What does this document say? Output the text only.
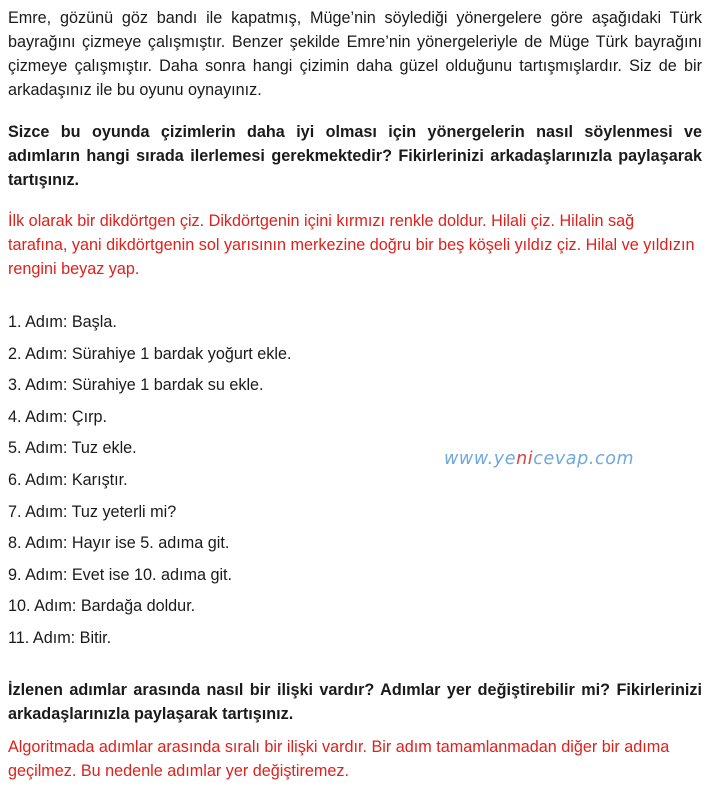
Emre, gözünü göz bandı ile kapatmış, Müge’nin söylediği yönergelere göre aşağıdaki Türk bayrağını çizmeye çalışmıştır. Benzer şekilde Emre’nin yönergeleriyle de Müge Türk bayrağını çizmeye çalışmıştır. Daha sonra hangi çizimin daha güzel olduğunu tartışmışlardır. Siz de bir arkadaşınız ile bu oyunu oynayınız.

Sizce bu oyunda çizimlerin daha iyi olması için yönergelerin nasıl söylenmesi ve adımların hangi sırada ilerlemesi gerekmektedir? Fikirlerinizi arkadaşlarınızla paylaşarak tartışınız.

İlk olarak bir dikdörtgen çiz. Dikdörtgenin içini kırmızı renkle doldur. Hilali çiz. Hilalin sağ tarafına, yani dikdörtgenin sol yarısının merkezine doğru bir beş köşeli yıldız çiz. Hilal ve yıldızın rengini beyaz yap.

1. Adım: Başla.
2. Adım: Sürahiye 1 bardak yoğurt ekle.
3. Adım: Sürahiye 1 bardak su ekle.
4. Adım: Çırp.
5. Adım: Tuz ekle.
6. Adım: Karıştır.
7. Adım: Tuz yeterli mi?
8. Adım: Hayır ise 5. adıma git.
9. Adım: Evet ise 10. adıma git.
10. Adım: Bardağa doldur.
11. Adım: Bitir.
www.yenicevap.com

İzlenen adımlar arasında nasıl bir ilişki vardır? Adımlar yer değiştirebilir mi? Fikirlerinizi arkadaşlarınızla paylaşarak tartışınız.

Algoritmada adımlar arasında sıralı bir ilişki vardır. Bir adım tamamlanmadan diğer bir adıma geçilmez. Bu nedenle adımlar yer değiştiremez.
